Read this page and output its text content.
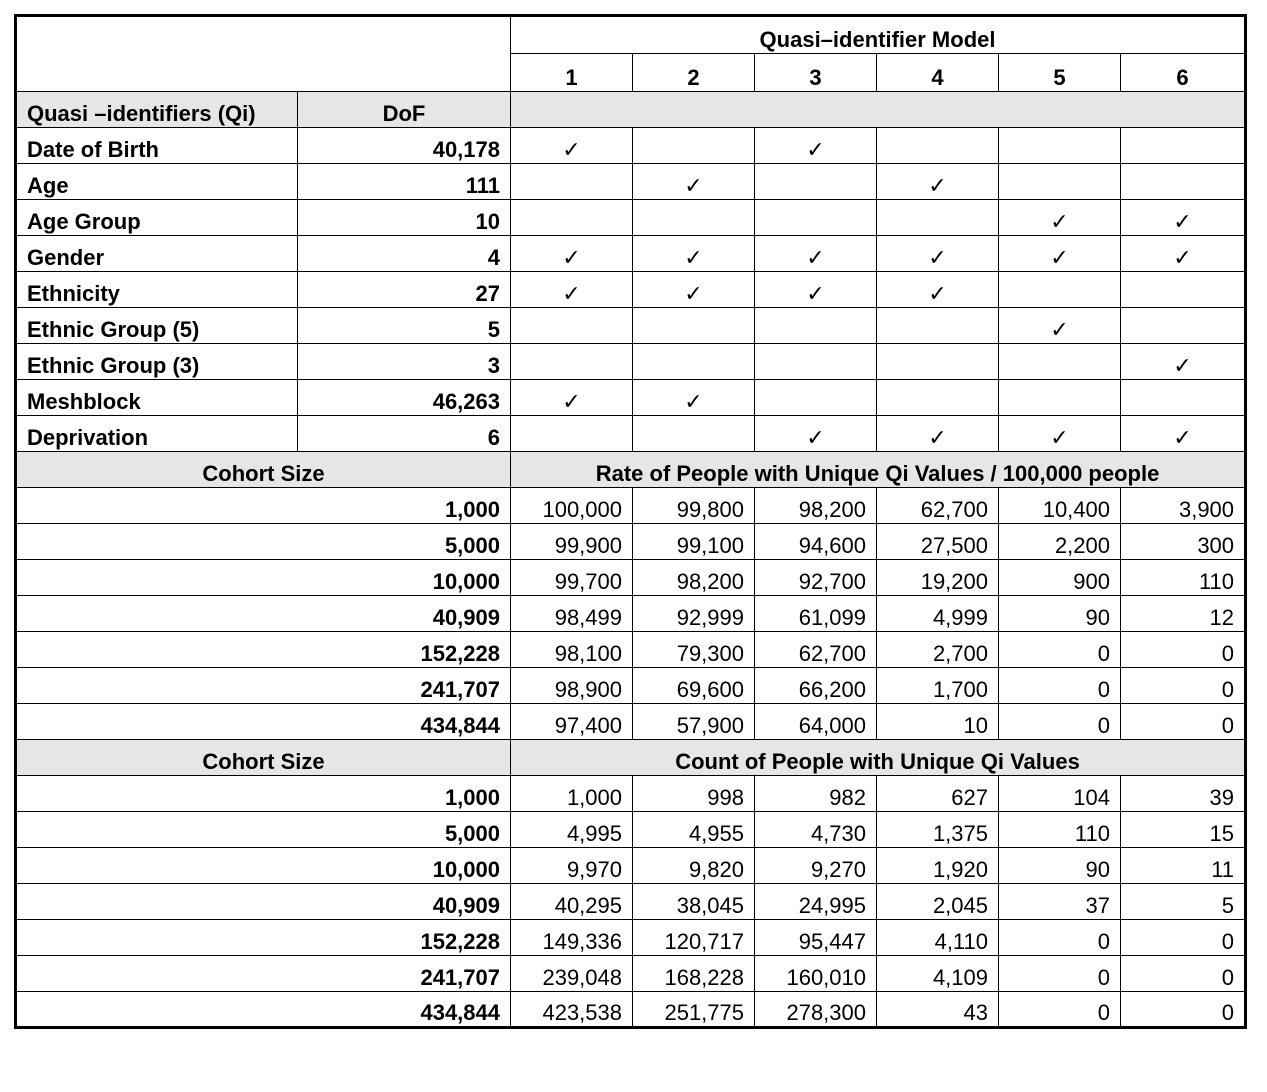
		Quasi–identifier Model					
		1	2	3	4	5	6
Quasi –identifiers (Qi)	DoF						
Date of Birth	40,178	✓		✓			
Age	111		✓		✓		
Age Group	10					✓	✓
Gender	4	✓	✓	✓	✓	✓	✓
Ethnicity	27	✓	✓	✓	✓		
Ethnic Group (5)	5					✓	
Ethnic Group (3)	3						✓
Meshblock	46,263	✓	✓				
Deprivation	6			✓	✓	✓	✓
Cohort Size		Rate of People with Unique Qi Values / 100,000 people					
1,000		100,000	99,800	98,200	62,700	10,400	3,900
5,000		99,900	99,100	94,600	27,500	2,200	300
10,000		99,700	98,200	92,700	19,200	900	110
40,909		98,499	92,999	61,099	4,999	90	12
152,228		98,100	79,300	62,700	2,700	0	0
241,707		98,900	69,600	66,200	1,700	0	0
434,844		97,400	57,900	64,000	10	0	0
Cohort Size		Count of People with Unique Qi Values					
1,000		1,000	998	982	627	104	39
5,000		4,995	4,955	4,730	1,375	110	15
10,000		9,970	9,820	9,270	1,920	90	11
40,909		40,295	38,045	24,995	2,045	37	5
152,228		149,336	120,717	95,447	4,110	0	0
241,707		239,048	168,228	160,010	4,109	0	0
434,844		423,538	251,775	278,300	43	0	0
